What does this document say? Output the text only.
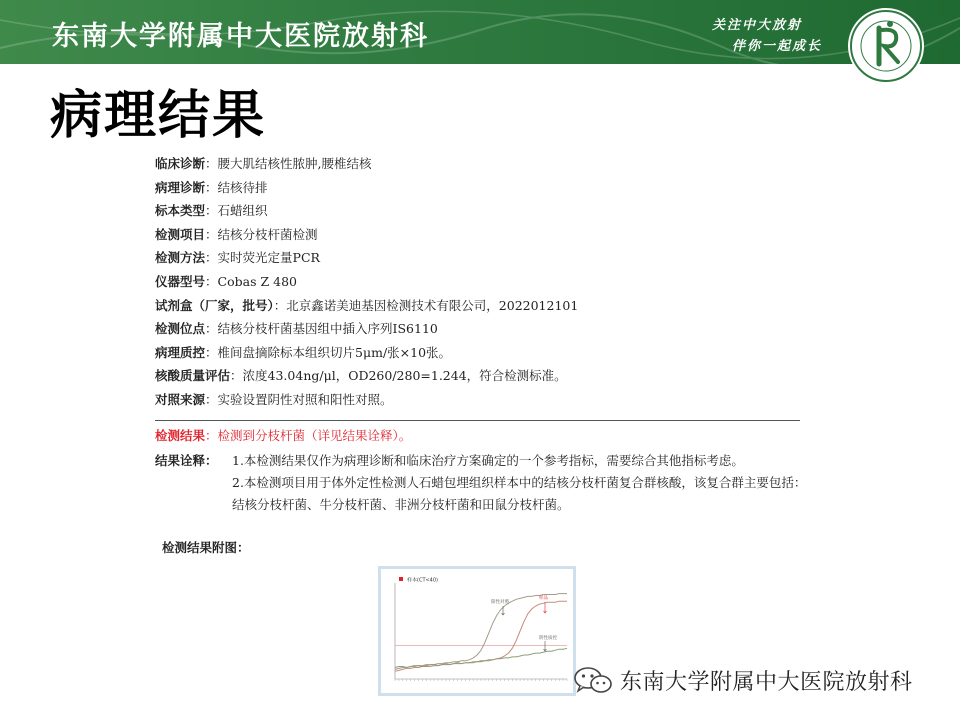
东南大学附属中大医院放射科	关注中大放射
伴你一起成长
病理结果
临床诊断：腰大肌结核性脓肿,腰椎结核
病理诊断：结核待排
标本类型：石蜡组织
检测项目：结核分枝杆菌检测
检测方法：实时荧光定量PCR
仪器型号：Cobas Z 480
试剂盒（厂家，批号）：北京鑫诺美迪基因检测技术有限公司，2022012101
检测位点：结核分枝杆菌基因组中插入序列IS6110
病理质控：椎间盘摘除标本组织切片5μm/张×10张。
核酸质量评估：浓度43.04ng/μl，OD260/280=1.244，符合检测标准。
对照来源：实验设置阴性对照和阳性对照。
检测结果：检测到分枝杆菌（详见结果诠释）。
结果诠释： 1.本检测结果仅作为病理诊断和临床治疗方案确定的一个参考指标，需要综合其他指标考虑。

2.本检测项目用于体外定性检测人石蜡包埋组织样本中的结核分枝杆菌复合群核酸，该复合群主要包括：结核分枝杆菌、牛分枝杆菌、非洲分枝杆菌和田鼠分枝杆菌。

检测结果附图：
样本(CT<40)
阳性对照
样品
阴性质控
东南大学附属中大医院放射科
